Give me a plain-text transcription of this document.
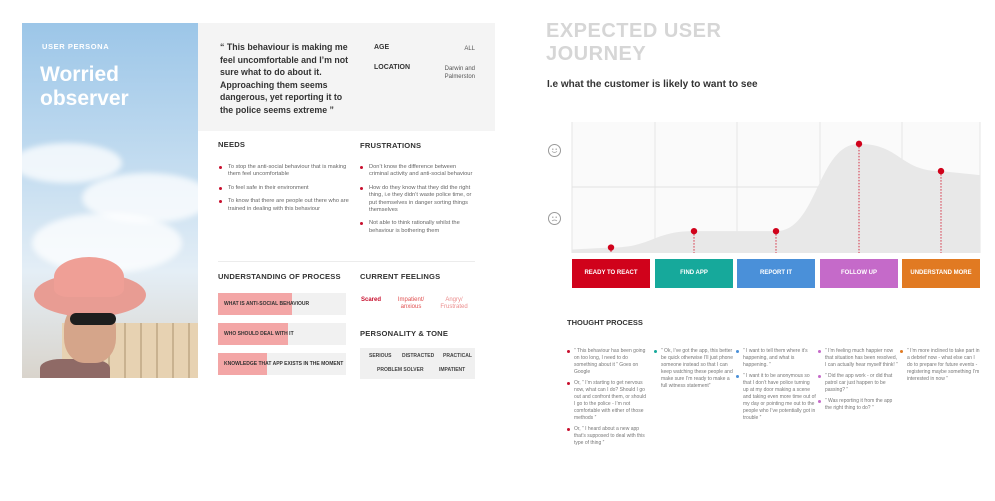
USER PERSONA
Worried observer
“ This behaviour is making me feel uncomfortable and I’m not sure what to do about it. Approaching them seems dangerous, yet reporting it to the police seems extreme ”
AGE	ALL
LOCATION	Darwin and Palmerston
NEEDS
To stop the anti-social behaviour that is making them feel uncomfortable
To feel safe in their environment
To know that there are people out there who are trained in dealing with this behaviour
FRUSTRATIONS
Don’t know the difference between criminal activity and anti-social behaviour
How do they know that they did the right thing, i.e they didn’t waste police time, or put themselves in danger sorting things themselves
Not able to think rationally whilst the behaviour is bothering them
UNDERSTANDING OF PROCESS
WHAT IS ANTI-SOCIAL BEHAVIOUR
WHO SHOULD DEAL WITH IT
KNOWLEDGE THAT APP EXISTS IN THE MOMENT
CURRENT FEELINGS
Scared	Impatient/ anxious
Angry/ Frustrated
PERSONALITY & TONE
SERIOUS DISTRACTED PRACTICAL
PROBLEM SOLVER	IMPATIENT
EXPECTED USER JOURNEY
I.e what the customer is likely to want to see
READY TO REACT	FIND APP	REPORT IT	FOLLOW UP	UNDERSTAND MORE
THOUGHT PROCESS
“ This behaviour has been going on too long, I need to do something about it ” Goes on Google
Or, “ I’m starting to get nervous now, what can I do? Should I go out and confront them, or should I go to the police - I’m not comfortable with either of those methods ”
Or, “ I heard about a new app that’s supposed to deal with this type of thing ”
“ Ok, I’ve got the app, this better be quick otherwise I’ll just phone someone instead so that I can keep watching these people and make sure I’m ready to make a full witness statement”
“ I want to tell them where it’s happening, and what is happening. ”
“ I want it to be anonymous so that I don’t have police turning up at my door making a scene and taking even more time out of my day or pointing me out to the people who I’ve potentially got in trouble ”
“ I’m feeling much happier now that situation has been resolved, I can actually hear myself think! ”
“ Did the app work - or did that patrol car just happen to be passing? ”
“ Was reporting it from the app the right thing to do? ”
“ I’m more inclined to take part in a debrief now - what else can I do to prepare for future events - registering maybe something I’m interested in now ”
